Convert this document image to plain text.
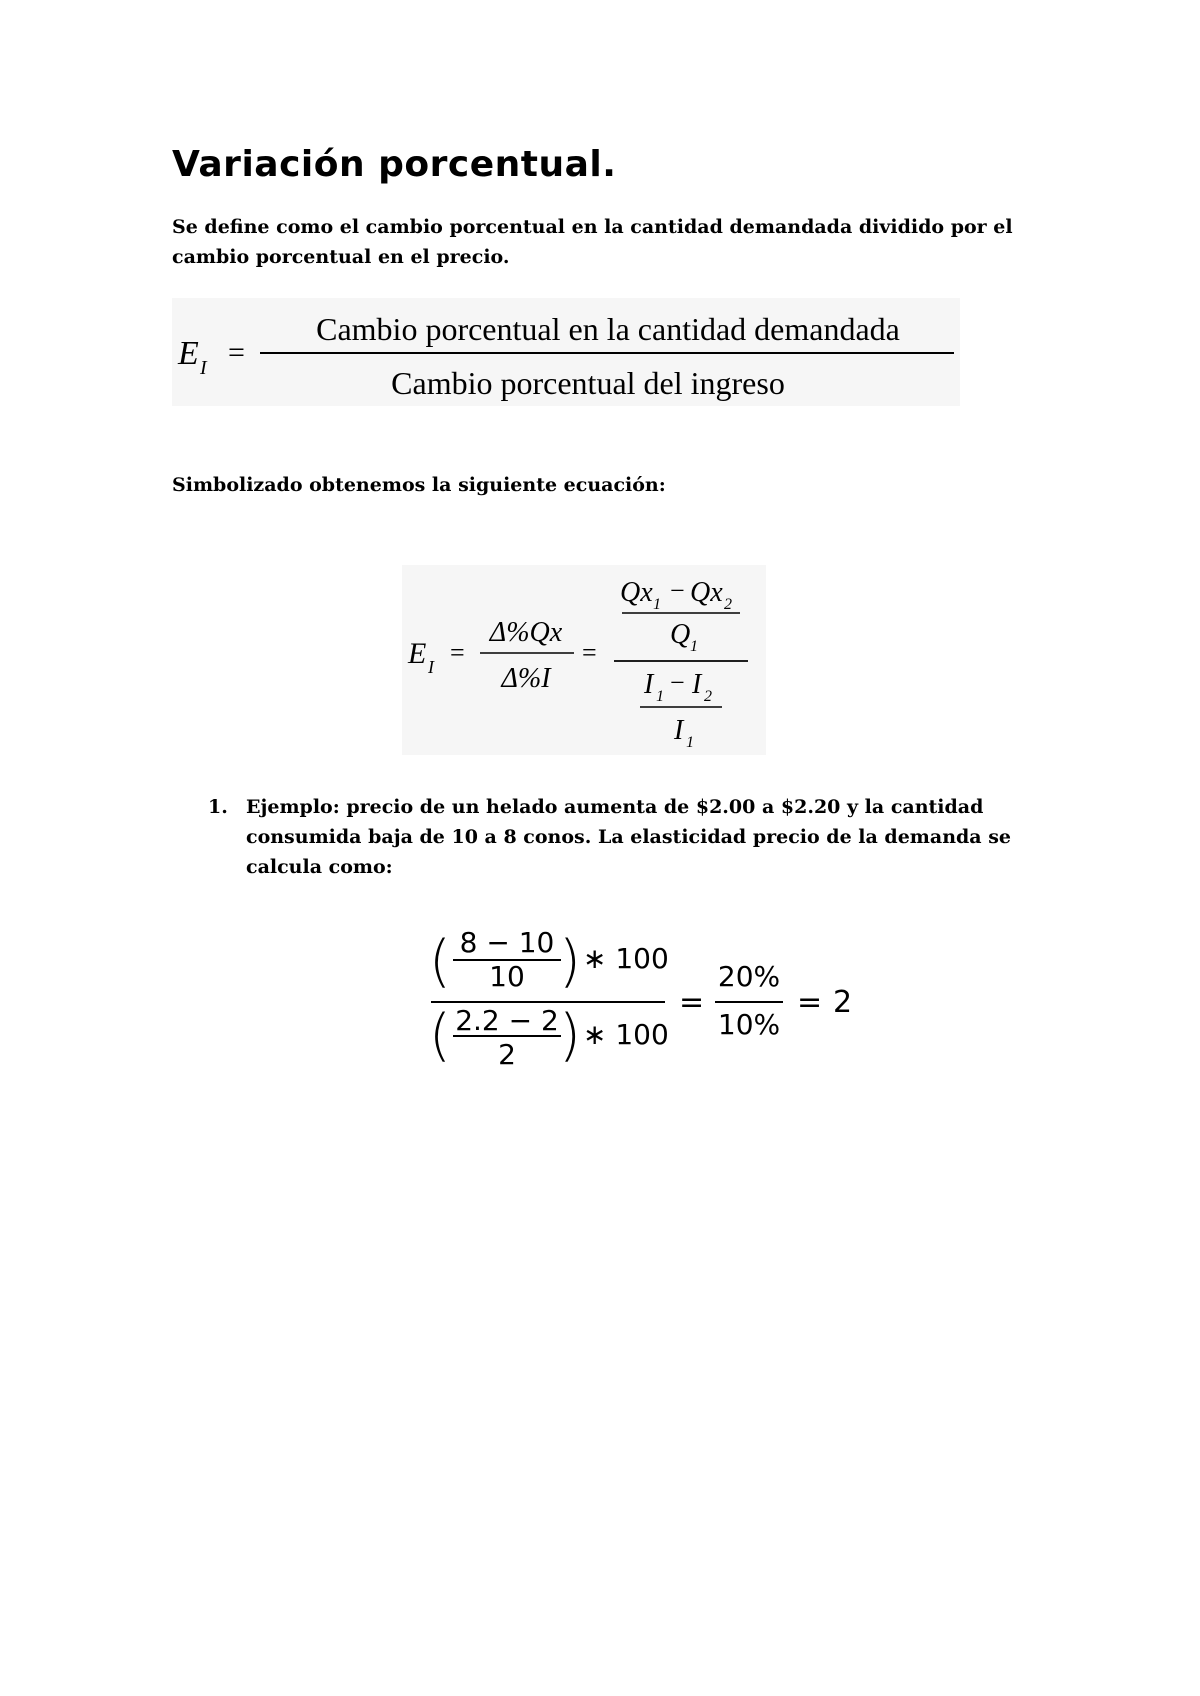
Variación porcentual.

Se define como el cambio porcentual en la cantidad demandada dividido por el cambio porcentual en el precio.

E I =
Cambio porcentual en la cantidad demandada
Cambio porcentual del ingreso

Simbolizado obtenemos la siguiente ecuación:

E I =
Δ%Qx
Δ%I
=
Qx 1 − Qx 2
Q 1
I 1 − I 2
I 1
1. Ejemplo: precio de un helado aumenta de $2.00 a $2.20 y la cantidad consumida baja de 10 a 8 conos. La elasticidad precio de la demanda se calcula como:
( 8 − 10
10 ) ∗ 100
( 2.2 − 2
2 ) ∗ 100
=
20%
10%
= 2
